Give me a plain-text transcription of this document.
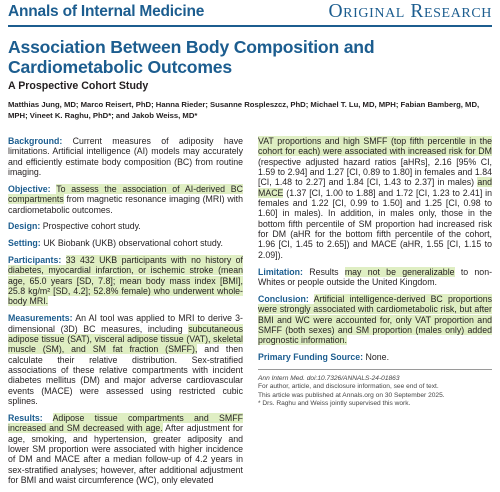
Annals of Internal Medicine	Original Research
Association Between Body Composition and Cardiometabolic Outcomes
A Prospective Cohort Study
Matthias Jung, MD; Marco Reisert, PhD; Hanna Rieder; Susanne Rospleszcz, PhD; Michael T. Lu, MD, MPH; Fabian Bamberg, MD, MPH; Vineet K. Raghu, PhD*; and Jakob Weiss, MD*

Background: Current measures of adiposity have limitations. Artificial intelligence (AI) models may accurately and efficiently estimate body composition (BC) from routine imaging.

Objective: To assess the association of AI-derived BC compartments from magnetic resonance imaging (MRI) with cardiometabolic outcomes.

Design: Prospective cohort study.

Setting: UK Biobank (UKB) observational cohort study.

Participants: 33 432 UKB participants with no history of diabetes, myocardial infarction, or ischemic stroke (mean age, 65.0 years [SD, 7.8]; mean body mass index [BMI], 25.8 kg/m² [SD, 4.2]; 52.8% female) who underwent whole-body MRI.

Measurements: An AI tool was applied to MRI to derive 3-dimensional (3D) BC measures, including subcutaneous adipose tissue (SAT), visceral adipose tissue (VAT), skeletal muscle (SM), and SM fat fraction (SMFF), and then calculate their relative distribution. Sex-stratified associations of these relative compartments with incident diabetes mellitus (DM) and major adverse cardiovascular events (MACE) were assessed using restricted cubic splines.

Results: Adipose tissue compartments and SMFF increased and SM decreased with age. After adjustment for age, smoking, and hypertension, greater adiposity and lower SM proportion were associated with higher incidence of DM and MACE after a median follow-up of 4.2 years in sex-stratified analyses; however, after additional adjustment for BMI and waist circumference (WC), only elevated

VAT proportions and high SMFF (top fifth percentile in the cohort for each) were associated with increased risk for DM (respective adjusted hazard ratios [aHRs], 2.16 [95% CI, 1.59 to 2.94] and 1.27 [CI, 0.89 to 1.80] in females and 1.84 [CI, 1.48 to 2.27] and 1.84 [CI, 1.43 to 2.37] in males) and MACE (1.37 [CI, 1.00 to 1.88] and 1.72 [CI, 1.23 to 2.41] in females and 1.22 [CI, 0.99 to 1.50] and 1.25 [CI, 0.98 to 1.60] in males). In addition, in males only, those in the bottom fifth percentile of SM proportion had increased risk for DM (aHR for the bottom fifth percentile of the cohort, 1.96 [CI, 1.45 to 2.65]) and MACE (aHR, 1.55 [CI, 1.15 to 2.09]).

Limitation: Results may not be generalizable to non-Whites or people outside the United Kingdom.

Conclusion: Artificial intelligence-derived BC proportions were strongly associated with cardiometabolic risk, but after BMI and WC were accounted for, only VAT proportion and SMFF (both sexes) and SM proportion (males only) added prognostic information.

Primary Funding Source: None.

Ann Intern Med. doi:10.7326/ANNALS-24-01863
For author, article, and disclosure information, see end of text.
This article was published at Annals.org on 30 September 2025.
* Drs. Raghu and Weiss jointly supervised this work.
